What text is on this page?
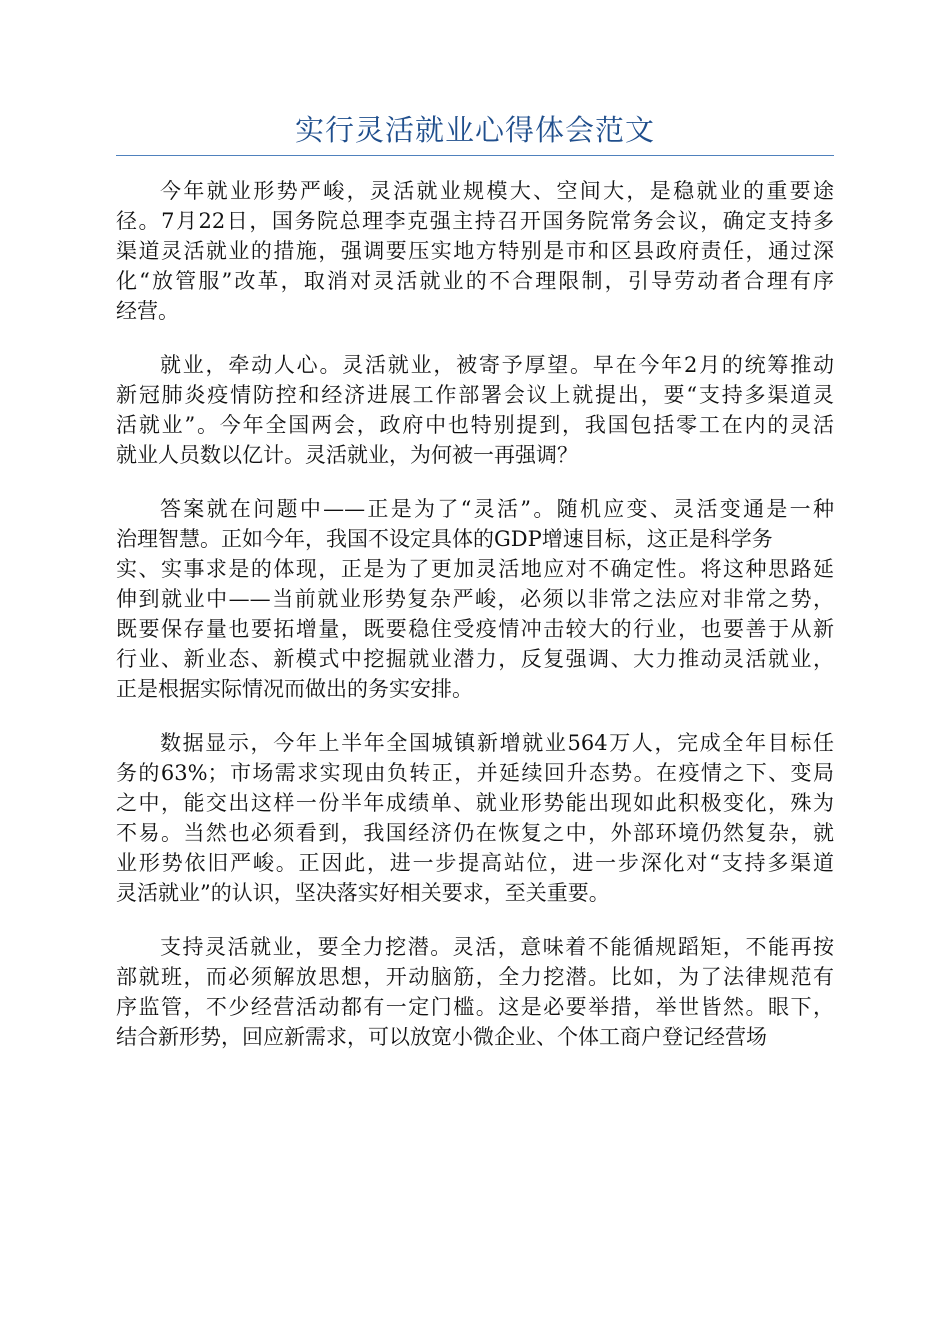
实行灵活就业心得体会范文
今年就业形势严峻，灵活就业规模大、空间大，是稳就业的重要途
径。7月22日，国务院总理李克强主持召开国务院常务会议，确定支持多
渠道灵活就业的措施，强调要压实地方特别是市和区县政府责任，通过深
化“放管服”改革，取消对灵活就业的不合理限制，引导劳动者合理有序
经营。
就业，牵动人心。灵活就业，被寄予厚望。早在今年2月的统筹推动
新冠肺炎疫情防控和经济进展工作部署会议上就提出，要“支持多渠道灵
活就业”。今年全国两会，政府中也特别提到，我国包括零工在内的灵活
就业人员数以亿计。灵活就业，为何被一再强调？
答案就在问题中——正是为了“灵活”。随机应变、灵活变通是一种
治理智慧。正如今年，我国不设定具体的GDP增速目标，这正是科学务
实、实事求是的体现，正是为了更加灵活地应对不确定性。将这种思路延
伸到就业中——当前就业形势复杂严峻，必须以非常之法应对非常之势，
既要保存量也要拓增量，既要稳住受疫情冲击较大的行业，也要善于从新
行业、新业态、新模式中挖掘就业潜力，反复强调、大力推动灵活就业，
正是根据实际情况而做出的务实安排。
数据显示，今年上半年全国城镇新增就业564万人，完成全年目标任
务的63%；市场需求实现由负转正，并延续回升态势。在疫情之下、变局
之中，能交出这样一份半年成绩单、就业形势能出现如此积极变化，殊为
不易。当然也必须看到，我国经济仍在恢复之中，外部环境仍然复杂，就
业形势依旧严峻。正因此，进一步提高站位，进一步深化对“支持多渠道
灵活就业”的认识，坚决落实好相关要求，至关重要。
支持灵活就业，要全力挖潜。灵活，意味着不能循规蹈矩，不能再按
部就班，而必须解放思想，开动脑筋，全力挖潜。比如，为了法律规范有
序监管，不少经营活动都有一定门槛。这是必要举措，举世皆然。眼下，
结合新形势，回应新需求，可以放宽小微企业、个体工商户登记经营场
